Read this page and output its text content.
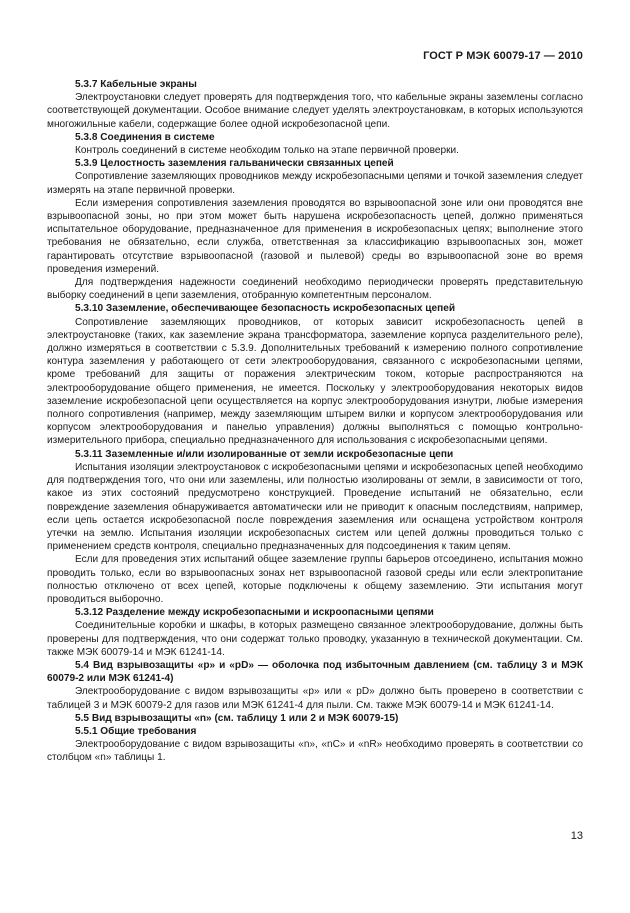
ГОСТ Р МЭК 60079-17 — 2010
5.3.7 Кабельные экраны
Электроустановки следует проверять для подтверждения того, что кабельные экраны заземлены согласно соответствующей документации. Особое внимание следует уделять электроустановкам, в которых используются многожильные кабели, содержащие более одной искробезопасной цепи.
5.3.8 Соединения в системе
Контроль соединений в системе необходим только на этапе первичной проверки.
5.3.9 Целостность заземления гальванически связанных цепей
Сопротивление заземляющих проводников между искробезопасными цепями и точкой заземления следует измерять на этапе первичной проверки.
Если измерения сопротивления заземления проводятся во взрывоопасной зоне или они проводятся вне взрывоопасной зоны, но при этом может быть нарушена искробезопасность цепей, должно применяться испытательное оборудование, предназначенное для применения в искробезопасных цепях; выполнение этого требования не обязательно, если служба, ответственная за классификацию взрывоопасных зон, может гарантировать отсутствие взрывоопасной (газовой и пылевой) среды во взрывоопасной зоне во время проведения измерений.
Для подтверждения надежности соединений необходимо периодически проверять представительную выборку соединений в цепи заземления, отобранную компетентным персоналом.
5.3.10 Заземление, обеспечивающее безопасность искробезопасных цепей
Сопротивление заземляющих проводников, от которых зависит искробезопасность цепей в электроустановке (таких, как заземление экрана трансформатора, заземление корпуса разделительного реле), должно измеряться в соответствии с 5.3.9. Дополнительных требований к измерению полного сопротивление контура заземления у работающего от сети электрооборудования, связанного с искробезопасными цепями, кроме требований для защиты от поражения электрическим током, которые распространяются на электрооборудование общего применения, не имеется. Поскольку у электрооборудования некоторых видов заземление искробезопасной цепи осуществляется на корпус электрооборудования изнутри, любые измерения полного сопротивления (например, между заземляющим штырем вилки и корпусом электрооборудования или корпусом электрооборудования и панелью управления) должны выполняться с помощью контрольно-измерительного прибора, специально предназначенного для использования с искробезопасными цепями.
5.3.11 Заземленные и/или изолированные от земли искробезопасные цепи
Испытания изоляции электроустановок с искробезопасными цепями и искробезопасных цепей необходимо для подтверждения того, что они или заземлены, или полностью изолированы от земли, в зависимости от того, какое из этих состояний предусмотрено конструкцией. Проведение испытаний не обязательно, если повреждение заземления обнаруживается автоматически или не приводит к опасным последствиям, например, если цепь остается искробезопасной после повреждения заземления или оснащена устройством контроля утечки на землю. Испытания изоляции искробезопасных систем или цепей должны проводиться только с применением средств контроля, специально предназначенных для подсоединения к таким цепям.
Если для проведения этих испытаний общее заземление группы барьеров отсоединено, испытания можно проводить только, если во взрывоопасных зонах нет взрывоопасной газовой среды или если электропитание полностью отключено от всех цепей, которые подключены к общему заземлению. Эти испытания могут проводиться выборочно.
5.3.12 Разделение между искробезопасными и искроопасными цепями
Соединительные коробки и шкафы, в которых размещено связанное электрооборудование, должны быть проверены для подтверждения, что они содержат только проводку, указанную в технической документации. См. также МЭК 60079-14 и МЭК 61241-14.
5.4 Вид взрывозащиты «p» и «pD» — оболочка под избыточным давлением (см. таблицу 3 и МЭК 60079-2 или МЭК 61241-4)
Электрооборудование с видом взрывозащиты «p» или « pD» должно быть проверено в соответствии с таблицей 3 и МЭК 60079-2 для газов или МЭК 61241-4 для пыли. См. также МЭК 60079-14 и МЭК 61241-14.
5.5 Вид взрывозащиты «n» (см. таблицу 1 или 2 и МЭК 60079-15)
5.5.1 Общие требования
Электрооборудование с видом взрывозащиты «n», «nC» и «nR» необходимо проверять в соответствии со столбцом «n» таблицы 1.
13
